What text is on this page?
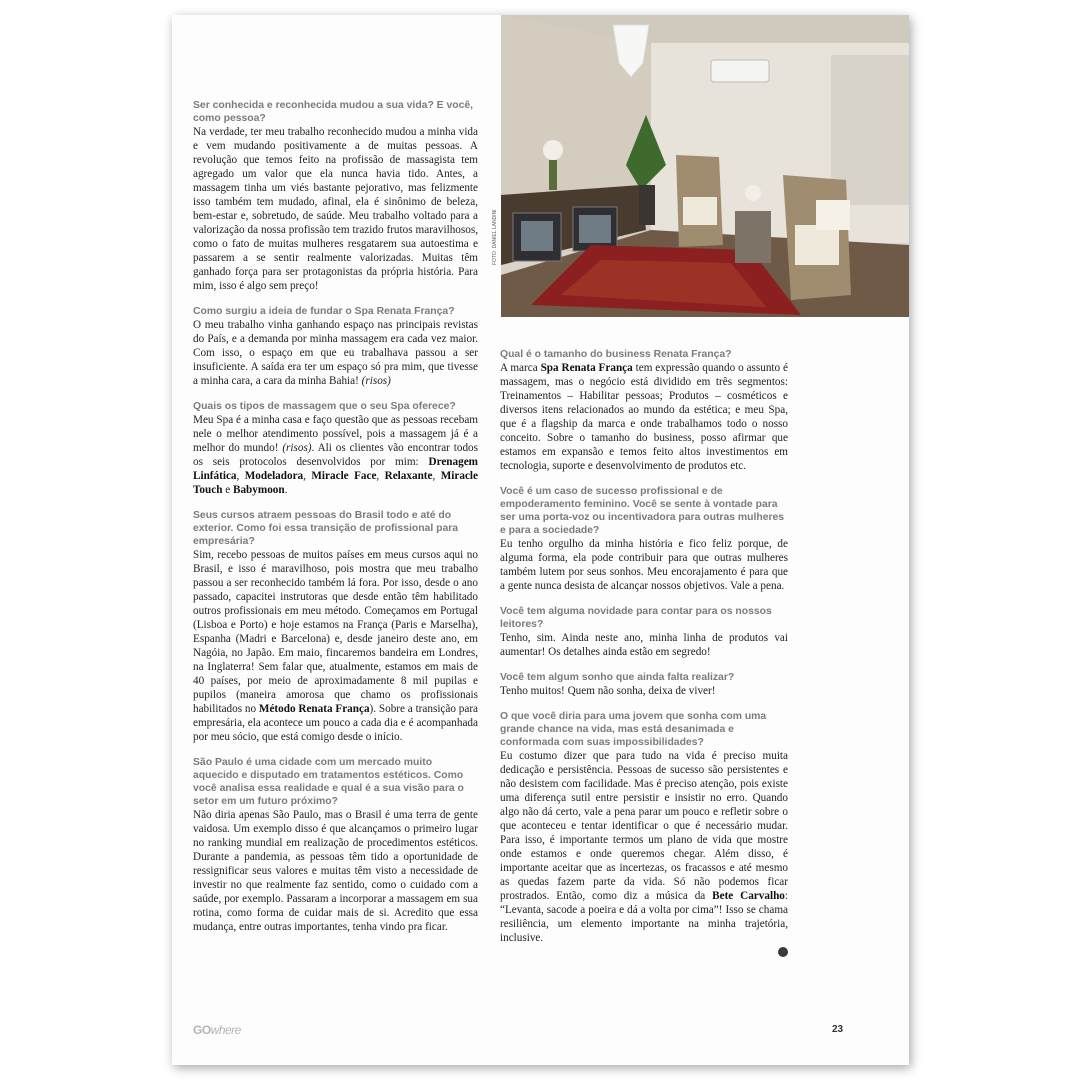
FOTO: DANIEL LANDINI

Ser conhecida e reconhecida mudou a sua vida? E você, como pessoa?

Na verdade, ter meu trabalho reconhecido mudou a minha vida e vem mudando positivamente a de muitas pessoas. A revolução que temos feito na profissão de massagista tem agregado um valor que ela nunca havia tido. Antes, a massagem tinha um viés bastante pejorativo, mas felizmente isso também tem mudado, afinal, ela é sinônimo de beleza, bem-estar e, sobretudo, de saúde. Meu trabalho voltado para a valorização da nossa profissão tem trazido frutos maravilhosos, como o fato de muitas mulheres resgatarem sua autoestima e passarem a se sentir realmente valorizadas. Muitas têm ganhado força para ser protagonistas da própria história. Para mim, isso é algo sem preço!

Como surgiu a ideia de fundar o Spa Renata França?

O meu trabalho vinha ganhando espaço nas principais revistas do País, e a demanda por minha massagem era cada vez maior. Com isso, o espaço em que eu trabalhava passou a ser insuficiente. A saída era ter um espaço só pra mim, que tivesse a minha cara, a cara da minha Bahia! (risos)

Quais os tipos de massagem que o seu Spa oferece?

Meu Spa é a minha casa e faço questão que as pessoas recebam nele o melhor atendimento possível, pois a massagem já é a melhor do mundo! (risos). Ali os clientes vão encontrar todos os seis protocolos desenvolvidos por mim: Drenagem Linfática, Modeladora, Miracle Face, Relaxante, Miracle Touch e Babymoon.

Seus cursos atraem pessoas do Brasil todo e até do exterior. Como foi essa transição de profissional para empresária?

Sim, recebo pessoas de muitos países em meus cursos aqui no Brasil, e isso é maravilhoso, pois mostra que meu trabalho passou a ser reconhecido também lá fora. Por isso, desde o ano passado, capacitei instrutoras que desde então têm habilitado outros profissionais em meu método. Começamos em Portugal (Lisboa e Porto) e hoje estamos na França (Paris e Marselha), Espanha (Madri e Barcelona) e, desde janeiro deste ano, em Nagóia, no Japão. Em maio, fincaremos bandeira em Londres, na Inglaterra! Sem falar que, atualmente, estamos em mais de 40 países, por meio de aproximadamente 8 mil pupilas e pupilos (maneira amorosa que chamo os profissionais habilitados no Método Renata França). Sobre a transição para empresária, ela acontece um pouco a cada dia e é acompanhada por meu sócio, que está comigo desde o início.

São Paulo é uma cidade com um mercado muito aquecido e disputado em tratamentos estéticos. Como você analisa essa realidade e qual é a sua visão para o setor em um futuro próximo?

Não diria apenas São Paulo, mas o Brasil é uma terra de gente vaidosa. Um exemplo disso é que alcançamos o primeiro lugar no ranking mundial em realização de procedimentos estéticos. Durante a pandemia, as pessoas têm tido a oportunidade de ressignificar seus valores e muitas têm visto a necessidade de investir no que realmente faz sentido, como o cuidado com a saúde, por exemplo. Passaram a incorporar a massagem em sua rotina, como forma de cuidar mais de si. Acredito que essa mudança, entre outras importantes, tenha vindo pra ficar.

Qual é o tamanho do business Renata França?

A marca Spa Renata França tem expressão quando o assunto é massagem, mas o negócio está dividido em três segmentos: Treinamentos – Habilitar pessoas; Produtos – cosméticos e diversos itens relacionados ao mundo da estética; e meu Spa, que é a flagship da marca e onde trabalhamos todo o nosso conceito. Sobre o tamanho do business, posso afirmar que estamos em expansão e temos feito altos investimentos em tecnologia, suporte e desenvolvimento de produtos etc.

Você é um caso de sucesso profissional e de empoderamento feminino. Você se sente à vontade para ser uma porta-voz ou incentivadora para outras mulheres e para a sociedade?

Eu tenho orgulho da minha história e fico feliz porque, de alguma forma, ela pode contribuir para que outras mulheres também lutem por seus sonhos. Meu encorajamento é para que a gente nunca desista de alcançar nossos objetivos. Vale a pena.

Você tem alguma novidade para contar para os nossos leitores?

Tenho, sim. Ainda neste ano, minha linha de produtos vai aumentar! Os detalhes ainda estão em segredo!

Você tem algum sonho que ainda falta realizar?

Tenho muitos! Quem não sonha, deixa de viver!

O que você diria para uma jovem que sonha com uma grande chance na vida, mas está desanimada e conformada com suas impossibilidades?

Eu costumo dizer que para tudo na vida é preciso muita dedicação e persistência. Pessoas de sucesso são persistentes e não desistem com facilidade. Mas é preciso atenção, pois existe uma diferença sutil entre persistir e insistir no erro. Quando algo não dá certo, vale a pena parar um pouco e refletir sobre o que aconteceu e tentar identificar o que é necessário mudar. Para isso, é importante termos um plano de vida que mostre onde estamos e onde queremos chegar. Além disso, é importante aceitar que as incertezas, os fracassos e até mesmo as quedas fazem parte da vida. Só não podemos ficar prostrados. Então, como diz a música da Bete Carvalho: “Levanta, sacode a poeira e dá a volta por cima”! Isso se chama resiliência, um elemento importante na minha trajetória, inclusive.

GOwhere	23
